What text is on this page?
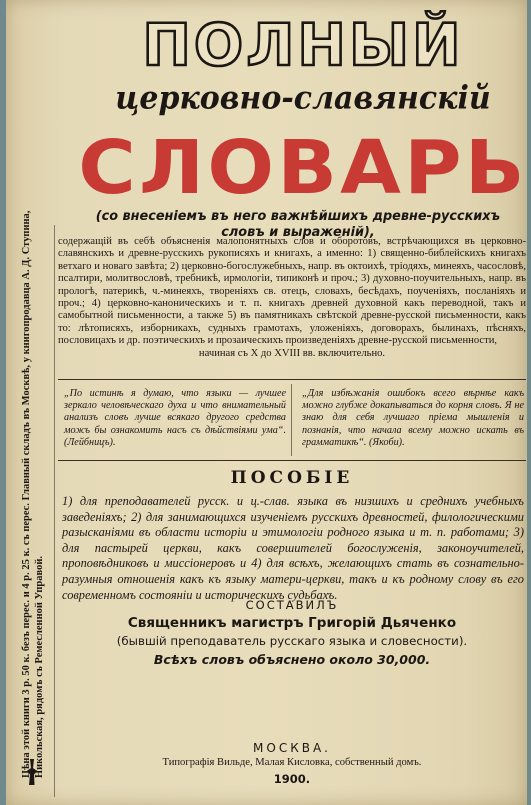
Цѣна этой книги 3 р. 50 к. безъ перес. и 4 р. 25 к. съ перес. Главный складъ въ Москвѣ, у книгопродавца А. Д. Ступина, Никольская, рядомъ съ Ремесленной Управой.
ПОЛНЫЙ
церковно-славянскій
СЛОВАРЬ
(со внесеніемъ въ него важнѣйшихъ древне-русскихъ словъ и выраженій),
содержащій въ себѣ объясненія малопонятныхъ слов и оборотовъ, встрѣчающихся въ церковно-славянскихъ и древне-русскихъ рукописяхъ и книгахъ, а именно: 1) священно-библейскихъ книгахъ ветхаго и новаго завѣта; 2) церковно-богослужебныхъ, напр. въ октоихѣ, тріодяхъ, минеяхъ, часословѣ, псалтири, молитвословѣ, требникѣ, ирмологіи, типиконѣ и проч.; 3) духовно-поучительныхъ, напр. въ прологѣ, патерикѣ, ч.-минеяхъ, твореніяхъ св. отецъ, словахъ, бесѣдахъ, поученіяхъ, посланіяхъ и проч.; 4) церковно-каноническихъ и т. п. книгахъ древней духовной какъ переводной, такъ и самобытной письменности, а также 5) въ памятникахъ свѣтской древне-русской письменности, какъ то: лѣтописяхъ, изборникахъ, судныхъ грамотахъ, уложеніяхъ, договорахъ, былинахъ, пѣсняхъ, пословицахъ и др. поэтическихъ и прозаическихъ произведеніяхъ древне-русской письменности,
начиная съ X до XVIII вв. включительно.
„По истинѣ я думаю, что языки — лучшее зеркало человѣческаго духа и что внимательный анализъ словъ лучше всякаго другого средства можъ бы ознакомить насъ съ дѣйствіями ума“. (Лейбницъ).
„Для избѣжанія ошибокъ всего вѣрнѣе какъ можно глубже докапываться до корня словъ. Я не знаю для себя лучшаго пріема мышленія и познанія, что начала всему можно искать въ грамматикѣ“. (Якоби).
ПОСОБІЕ
1) для преподавателей русск. и ц.-слав. языка въ низшихъ и среднихъ учебныхъ заведеніяхъ; 2) для занимающихся изученіемъ русскихъ древностей, филологическими разысканіями въ области исторіи и этимологіи родного языка и т. п. работами; 3) для пастырей церкви, какъ совершителей богослуженія, законоучителей, проповѣдниковъ и миссіонеровъ и 4) для всѣхъ, желающихъ стать въ сознательно-разумныя отношенія какъ къ языку матери-церкви, такъ и къ родному слову въ его современномъ состояніи и историческихъ судьбахъ.
СОСТАВИЛЪ
Священникъ магистръ Григорій Дьяченко
(бывшій преподаватель русскаго языка и словесности).
Всѣхъ словъ объяснено около 30,000.
МОСКВА.
Типографія Вильде, Малая Кисловка, собственный домъ.
1900.
